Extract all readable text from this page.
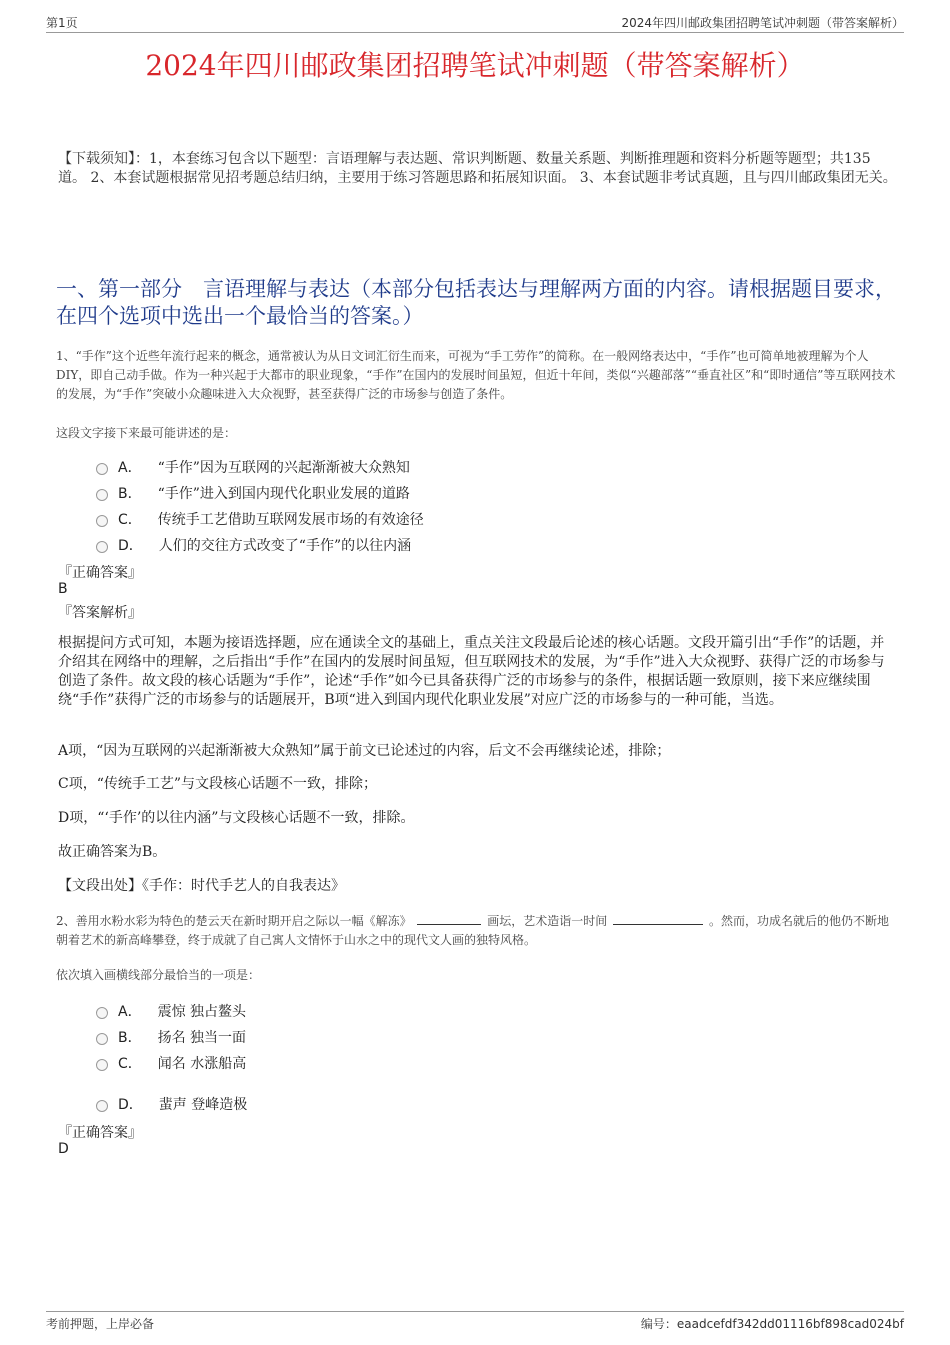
第1页	2024年四川邮政集团招聘笔试冲刺题（带答案解析）
2024年四川邮政集团招聘笔试冲刺题（带答案解析）
【下载须知】：1，本套练习包含以下题型：言语理解与表达题、常识判断题、数量关系题、判断推理题和资料分析题等题型；共135道。 2、本套试题根据常见招考题总结归纳，主要用于练习答题思路和拓展知识面。 3、本套试题非考试真题，且与四川邮政集团无关。
一、第一部分　言语理解与表达（本部分包括表达与理解两方面的内容。请根据题目要求，在四个选项中选出一个最恰当的答案。）
1、“手作”这个近些年流行起来的概念，通常被认为从日文词汇衍生而来，可视为“手工劳作”的简称。在一般网络表达中，“手作”也可简单地被理解为个人DIY，即自己动手做。作为一种兴起于大都市的职业现象，“手作”在国内的发展时间虽短，但近十年间，类似“兴趣部落”“垂直社区”和“即时通信”等互联网技术的发展，为“手作”突破小众趣味进入大众视野，甚至获得广泛的市场参与创造了条件。
这段文字接下来最可能讲述的是：
A． “手作”因为互联网的兴起渐渐被大众熟知
B． “手作”进入到国内现代化职业发展的道路
C． 传统手工艺借助互联网发展市场的有效途径
D． 人们的交往方式改变了“手作”的以往内涵
『正确答案』
B
『答案解析』
根据提问方式可知，本题为接语选择题，应在通读全文的基础上，重点关注文段最后论述的核心话题。文段开篇引出“手作”的话题，并介绍其在网络中的理解，之后指出“手作”在国内的发展时间虽短，但互联网技术的发展，为“手作”进入大众视野、获得广泛的市场参与创造了条件。故文段的核心话题为“手作”，论述“手作”如今已具备获得广泛的市场参与的条件，根据话题一致原则，接下来应继续围绕“手作”获得广泛的市场参与的话题展开，B项“进入到国内现代化职业发展”对应广泛的市场参与的一种可能，当选。
A项，“因为互联网的兴起渐渐被大众熟知”属于前文已论述过的内容，后文不会再继续论述，排除；
C项，“传统手工艺”与文段核心话题不一致，排除；
D项，“‘手作’的以往内涵”与文段核心话题不一致，排除。
故正确答案为B。
【文段出处】《手作：时代手艺人的自我表达》
2、善用水粉水彩为特色的楚云天在新时期开启之际以一幅《解冻》	画坛，艺术造诣一时间	。然而，功成名就后的他仍不断地朝着艺术的新高峰攀登，终于成就了自己寓人文情怀于山水之中的现代文人画的独特风格。
依次填入画横线部分最恰当的一项是：
A． 震惊 独占鳌头
B． 扬名 独当一面
C． 闻名 水涨船高
D． 蜚声 登峰造极
『正确答案』
D
考前押题，上岸必备	编号：eaadcefdf342dd01116bf898cad024bf
